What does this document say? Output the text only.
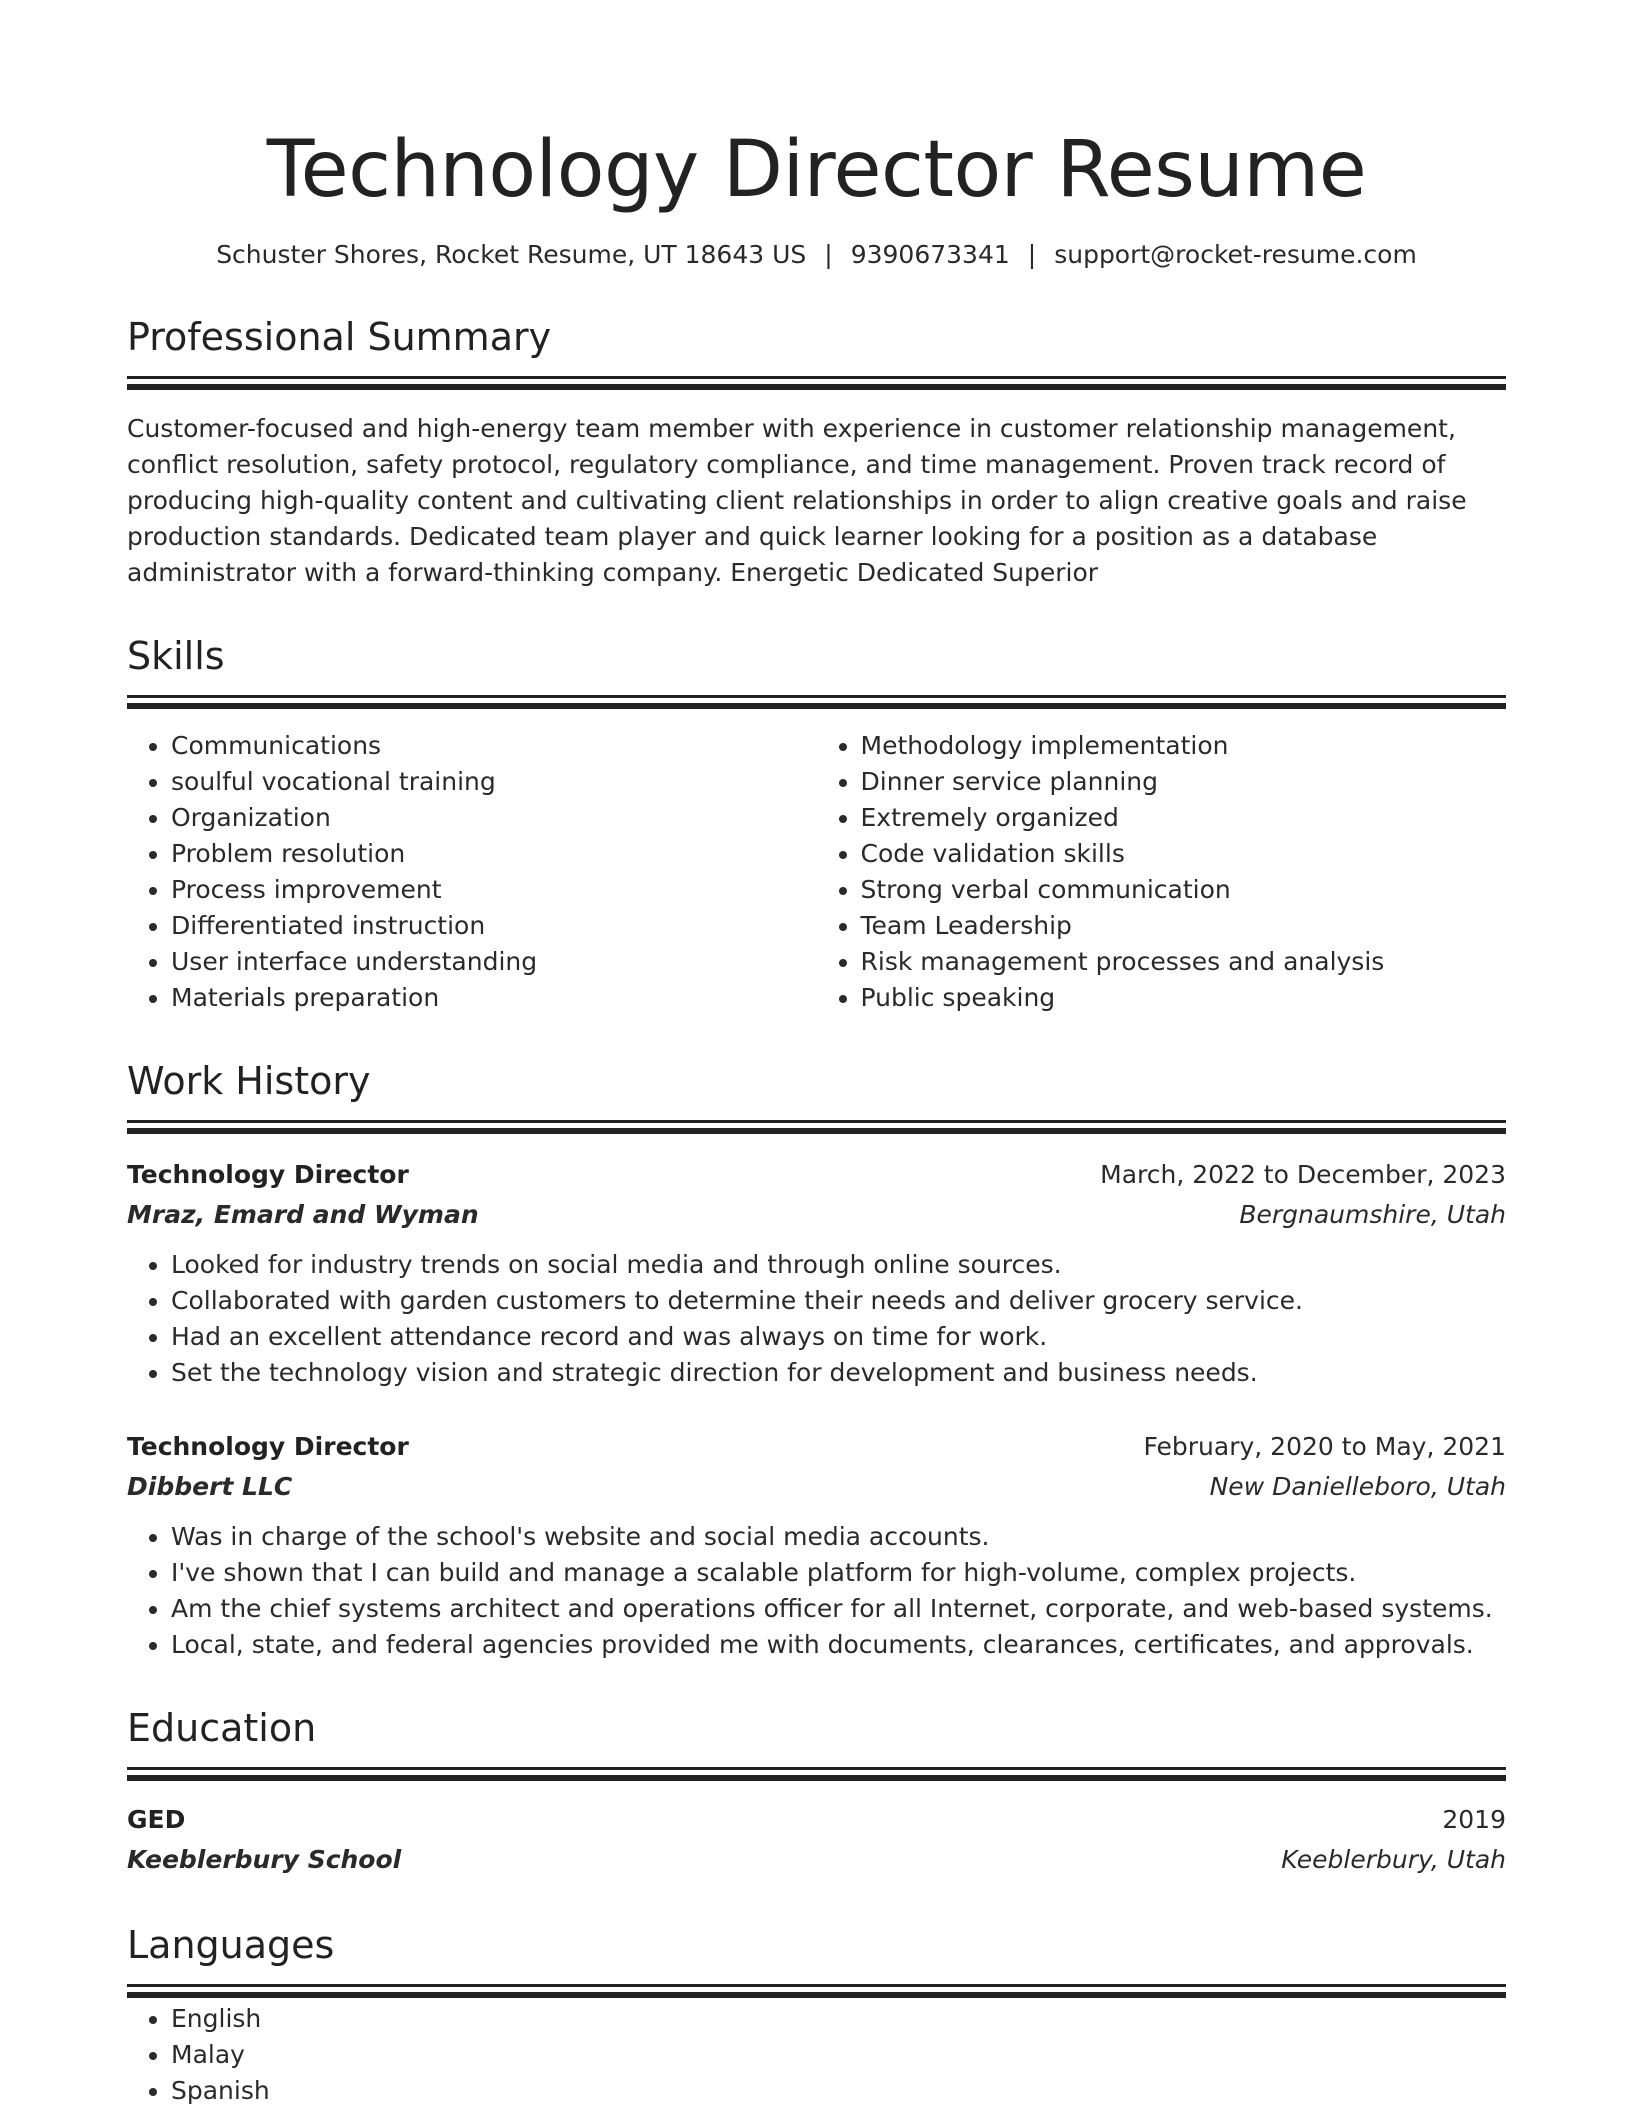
Technology Director Resume
Schuster Shores, Rocket Resume, UT 18643 US | 9390673341 | support@rocket-resume.com
Professional Summary

Customer-focused and high-energy team member with experience in customer relationship management, conflict resolution, safety protocol, regulatory compliance, and time management. Proven track record of producing high-quality content and cultivating client relationships in order to align creative goals and raise production standards. Dedicated team player and quick learner looking for a position as a database administrator with a forward-thinking company. Energetic Dedicated Superior

Skills
• Communications
• soulful vocational training
• Organization
• Problem resolution
• Process improvement
• Differentiated instruction
• User interface understanding
• Materials preparation
• Methodology implementation
• Dinner service planning
• Extremely organized
• Code validation skills
• Strong verbal communication
• Team Leadership
• Risk management processes and analysis
• Public speaking
Work History
Technology Director	March, 2022 to December, 2023
Mraz, Emard and Wyman	Bergnaumshire, Utah
• Looked for industry trends on social media and through online sources.
• Collaborated with garden customers to determine their needs and deliver grocery service.
• Had an excellent attendance record and was always on time for work.
• Set the technology vision and strategic direction for development and business needs.
Technology Director	February, 2020 to May, 2021
Dibbert LLC	New Danielleboro, Utah
• Was in charge of the school's website and social media accounts.
• I've shown that I can build and manage a scalable platform for high-volume, complex projects.
• Am the chief systems architect and operations officer for all Internet, corporate, and web-based systems.
• Local, state, and federal agencies provided me with documents, clearances, certificates, and approvals.
Education
GED	2019
Keeblerbury School	Keeblerbury, Utah
Languages
• English
• Malay
• Spanish
